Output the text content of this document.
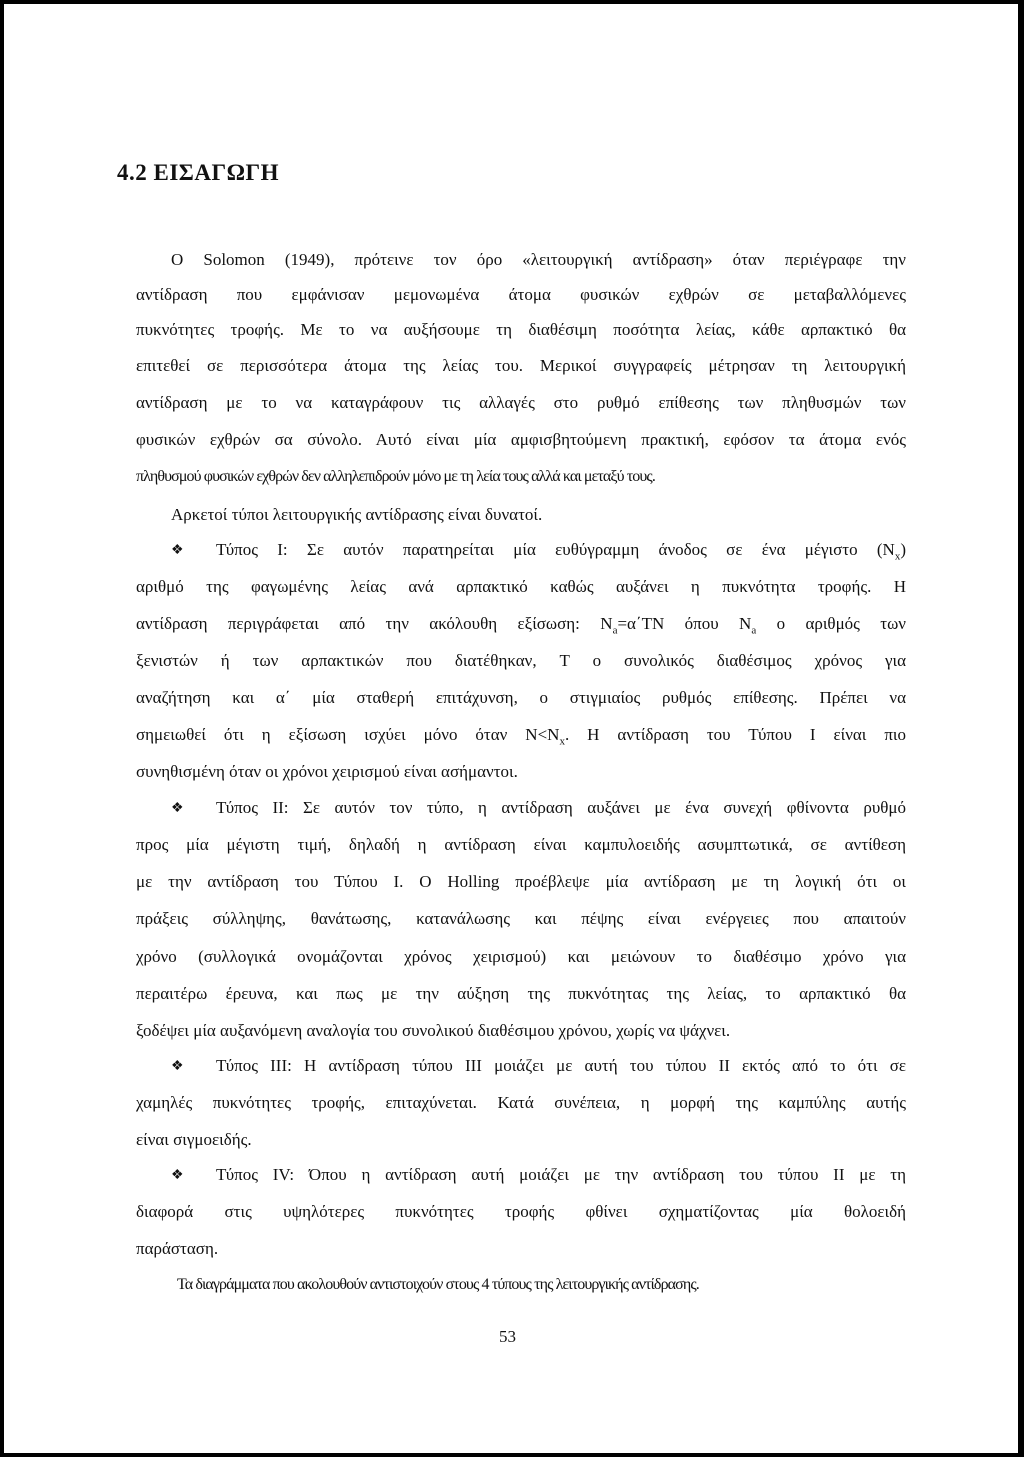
4.2 ΕΙΣΑΓΩΓΗ
Ο Solomon (1949), πρότεινε τον όρο «λειτουργική αντίδραση» όταν περιέγραφε την
αντίδραση που εμφάνισαν μεμονωμένα άτομα φυσικών εχθρών σε μεταβαλλόμενες
πυκνότητες τροφής. Με το να αυξήσουμε τη διαθέσιμη ποσότητα λείας, κάθε αρπακτικό θα
επιτεθεί σε περισσότερα άτομα της λείας του. Μερικοί συγγραφείς μέτρησαν τη λειτουργική
αντίδραση με το να καταγράφουν τις αλλαγές στο ρυθμό επίθεσης των πληθυσμών των
φυσικών εχθρών σα σύνολο. Αυτό είναι μία αμφισβητούμενη πρακτική, εφόσον τα άτομα ενός
πληθυσμού φυσικών εχθρών δεν αλληλεπιδρούν μόνο με τη λεία τους αλλά και μεταξύ τους.
Αρκετοί τύποι λειτουργικής αντίδρασης είναι δυνατοί.
❖ Τύπος Ι: Σε αυτόν παρατηρείται μία ευθύγραμμη άνοδος σε ένα μέγιστο $(N_x)$
αριθμό της φαγωμένης λείας ανά αρπακτικό καθώς αυξάνει η πυκνότητα τροφής. Η
αντίδραση περιγράφεται από την ακόλουθη εξίσωση: $N_a=\alpha΄TN$ όπου $N_a$ ο αριθμός των
ξενιστών ή των αρπακτικών που διατέθηκαν, T ο συνολικός διαθέσιμος χρόνος για
αναζήτηση και α΄ μία σταθερή επιτάχυνση, ο στιγμιαίος ρυθμός επίθεσης. Πρέπει να
σημειωθεί ότι η εξίσωση ισχύει μόνο όταν $N<N_x$. Η αντίδραση του Τύπου Ι είναι πιο
συνηθισμένη όταν οι χρόνοι χειρισμού είναι ασήμαντοι.
❖ Τύπος ΙΙ: Σε αυτόν τον τύπο, η αντίδραση αυξάνει με ένα συνεχή φθίνοντα ρυθμό
προς μία μέγιστη τιμή, δηλαδή η αντίδραση είναι καμπυλοειδής ασυμπτωτικά, σε αντίθεση
με την αντίδραση του Τύπου Ι. Ο Holling προέβλεψε μία αντίδραση με τη λογική ότι οι
πράξεις σύλληψης, θανάτωσης, κατανάλωσης και πέψης είναι ενέργειες που απαιτούν
χρόνο (συλλογικά ονομάζονται χρόνος χειρισμού) και μειώνουν το διαθέσιμο χρόνο για
περαιτέρω έρευνα, και πως με την αύξηση της πυκνότητας της λείας, το αρπακτικό θα
ξοδέψει μία αυξανόμενη αναλογία του συνολικού διαθέσιμου χρόνου, χωρίς να ψάχνει.
❖ Τύπος ΙΙΙ: Η αντίδραση τύπου ΙΙΙ μοιάζει με αυτή του τύπου ΙΙ εκτός από το ότι σε
χαμηλές πυκνότητες τροφής, επιταχύνεται. Κατά συνέπεια, η μορφή της καμπύλης αυτής
είναι σιγμοειδής.
❖ Τύπος ΙV: Όπου η αντίδραση αυτή μοιάζει με την αντίδραση του τύπου ΙΙ με τη
διαφορά στις υψηλότερες πυκνότητες τροφής φθίνει σχηματίζοντας μία θολοειδή
παράσταση.
Τα διαγράμματα που ακολουθούν αντιστοιχούν στους 4 τύπους της λειτουργικής αντίδρασης.
53
